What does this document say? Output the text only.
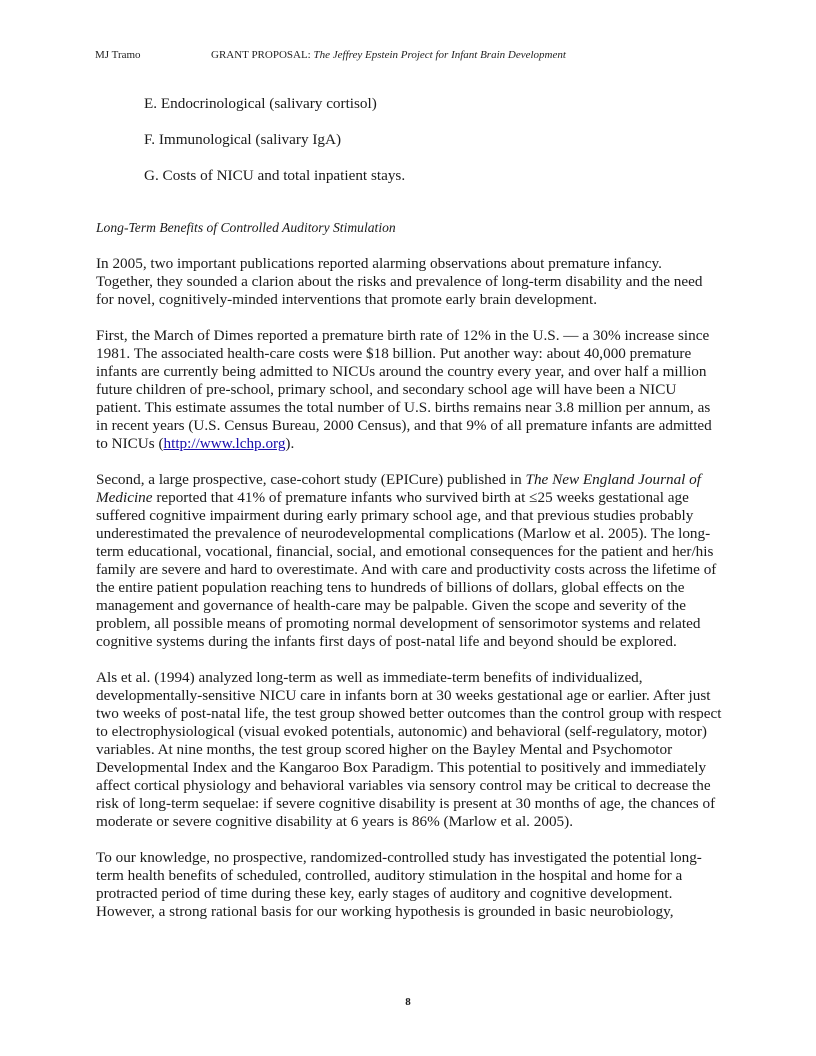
MJ Tramo	GRANT PROPOSAL: The Jeffrey Epstein Project for Infant Brain Development
E. Endocrinological (salivary cortisol)
F. Immunological (salivary IgA)
G. Costs of NICU and total inpatient stays.
Long-Term Benefits of Controlled Auditory Stimulation

In 2005, two important publications reported alarming observations about premature infancy. Together, they sounded a clarion about the risks and prevalence of long-term disability and the need for novel, cognitively-minded interventions that promote early brain development.

First, the March of Dimes reported a premature birth rate of 12% in the U.S. — a 30% increase since 1981. The associated health-care costs were $18 billion. Put another way: about 40,000 premature infants are currently being admitted to NICUs around the country every year, and over half a million future children of pre-school, primary school, and secondary school age will have been a NICU patient. This estimate assumes the total number of U.S. births remains near 3.8 million per annum, as in recent years (U.S. Census Bureau, 2000 Census), and that 9% of all premature infants are admitted to NICUs (http://www.lchp.org).

Second, a large prospective, case-cohort study (EPICure) published in The New England Journal of Medicine reported that 41% of premature infants who survived birth at ≤25 weeks gestational age suffered cognitive impairment during early primary school age, and that previous studies probably underestimated the prevalence of neurodevelopmental complications (Marlow et al. 2005). The long-term educational, vocational, financial, social, and emotional consequences for the patient and her/his family are severe and hard to overestimate. And with care and productivity costs across the lifetime of the entire patient population reaching tens to hundreds of billions of dollars, global effects on the management and governance of health-care may be palpable. Given the scope and severity of the problem, all possible means of promoting normal development of sensorimotor systems and related cognitive systems during the infants first days of post-natal life and beyond should be explored.

Als et al. (1994) analyzed long-term as well as immediate-term benefits of individualized, developmentally-sensitive NICU care in infants born at 30 weeks gestational age or earlier. After just two weeks of post-natal life, the test group showed better outcomes than the control group with respect to electrophysiological (visual evoked potentials, autonomic) and behavioral (self-regulatory, motor) variables. At nine months, the test group scored higher on the Bayley Mental and Psychomotor Developmental Index and the Kangaroo Box Paradigm. This potential to positively and immediately affect cortical physiology and behavioral variables via sensory control may be critical to decrease the risk of long-term sequelae: if severe cognitive disability is present at 30 months of age, the chances of moderate or severe cognitive disability at 6 years is 86% (Marlow et al. 2005).

To our knowledge, no prospective, randomized-controlled study has investigated the potential long-term health benefits of scheduled, controlled, auditory stimulation in the hospital and home for a protracted period of time during these key, early stages of auditory and cognitive development. However, a strong rational basis for our working hypothesis is grounded in basic neurobiology,

8
